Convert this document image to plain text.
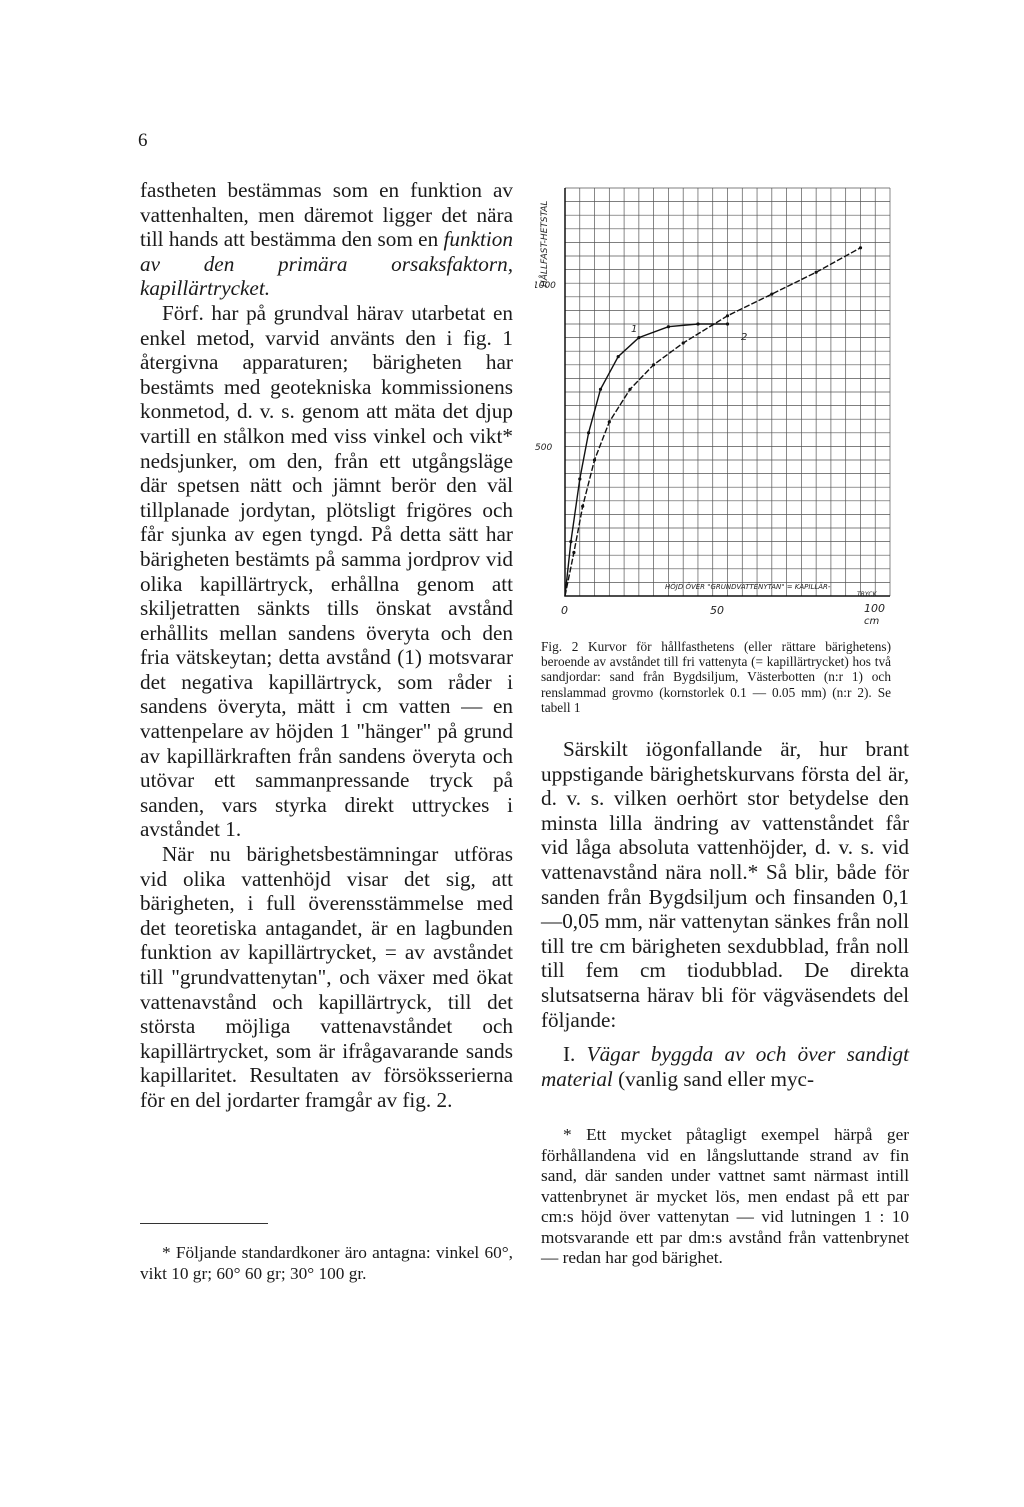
6

fastheten bestämmas som en funktion av vattenhalten, men däremot ligger det nära till hands att bestämma den som en funktion av den primära orsaksfaktorn, kapillärtrycket.

Förf. har på grundval härav utarbetat en enkel metod, varvid använts den i fig. 1 återgivna apparaturen; bärigheten har bestämts med geotekniska kommissionens konmetod, d. v. s. genom att mäta det djup vartill en stålkon med viss vinkel och vikt* nedsjunker, om den, från ett utgångsläge där spetsen nätt och jämnt berör den väl tillplanade jordytan, plötsligt frigöres och får sjunka av egen tyngd. På detta sätt har bärigheten bestämts på samma jordprov vid olika kapillärtryck, erhållna genom att skiljetratten sänkts tills önskat avstånd erhållits mellan sandens överyta och den fria vätskeytan; detta avstånd (1) motsvarar det negativa kapillärtryck, som råder i sandens överyta, mätt i cm vatten — en vattenpelare av höjden 1 "hänger" på grund av kapillärkraften från sandens överyta och utövar ett sammanpressande tryck på sanden, vars styrka direkt uttryckes i avståndet 1.

När nu bärighetsbestämningar utföras vid olika vattenhöjd visar det sig, att bärigheten, i full överensstämmelse med det teoretiska antagandet, är en lagbunden funktion av kapillärtrycket, = av avståndet till "grundvattenytan", och växer med ökat vattenavstånd och kapillärtryck, till det största möjliga vattenavståndet och kapillärtrycket, som är ifrågavarande sands kapillaritet. Resultaten av försöksserierna för en del jordarter framgår av fig. 2.

* Följande standardkoner äro antagna: vinkel 60°, vikt 10 gr; 60° 60 gr; 30° 100 gr.
HÅLLFAST-HETSTAL
1000
500
0	50	100
cm
1
2
HÖJD ÖVER "GRUNDVATTENYTAN" = KAPILLÄR-
TRYCK
Fig. 2 Kurvor för hållfasthetens (eller rättare bärighetens) beroende av avståndet till fri vattenyta (= kapillärtrycket) hos två sandjordar: sand från Bygdsiljum, Västerbotten (n:r 1) och renslammad grovmo (kornstorlek 0.1 — 0.05 mm) (n:r 2). Se tabell 1

Särskilt iögonfallande är, hur brant uppstigande bärighetskurvans första del är, d. v. s. vilken oerhört stor betydelse den minsta lilla ändring av vattenståndet får vid låga absoluta vattenhöjder, d. v. s. vid vattenavstånd nära noll.* Så blir, både för sanden från Bygdsiljum och finsanden 0,1—0,05 mm, när vattenytan sänkes från noll till tre cm bärigheten sexdubblad, från noll till fem cm tiodubblad. De direkta slutsatserna härav bli för vägväsendets del följande:

I. Vägar byggda av och över sandigt material (vanlig sand eller myc-

* Ett mycket påtagligt exempel härpå ger förhållandena vid en långsluttande strand av fin sand, där sanden under vattnet samt närmast intill vattenbrynet är mycket lös, men endast på ett par cm:s höjd över vattenytan — vid lutningen 1 : 10 motsvarande ett par dm:s avstånd från vattenbrynet — redan har god bärighet.
